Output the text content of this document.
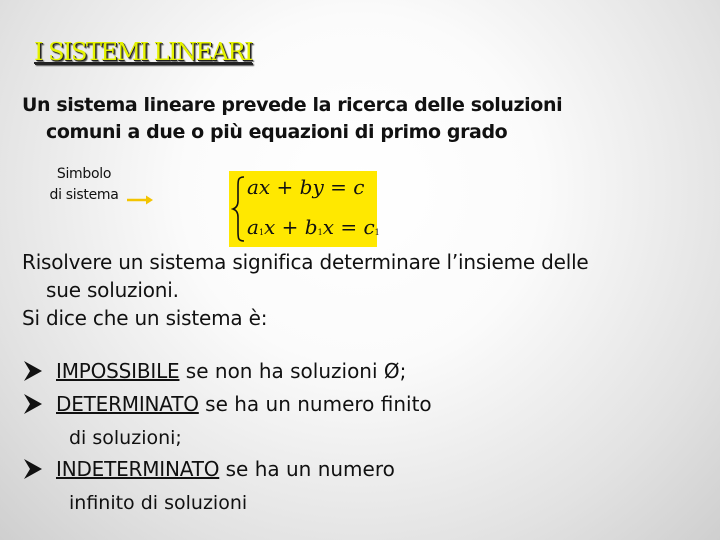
I SISTEMI LINEARI
Un sistema lineare prevede la ricerca delle soluzioni
comuni a due o più equazioni di primo grado
Simbolo
di sistema	ax + by = c
$a_1x + b_1x = c_1$
Risolvere un sistema significa determinare l’insieme delle
sue soluzioni.
Si dice che un sistema è:
IMPOSSIBILE se non ha soluzioni Ø;
DETERMINATO se ha un numero finito
di soluzioni;
INDETERMINATO se ha un numero
infinito di soluzioni
